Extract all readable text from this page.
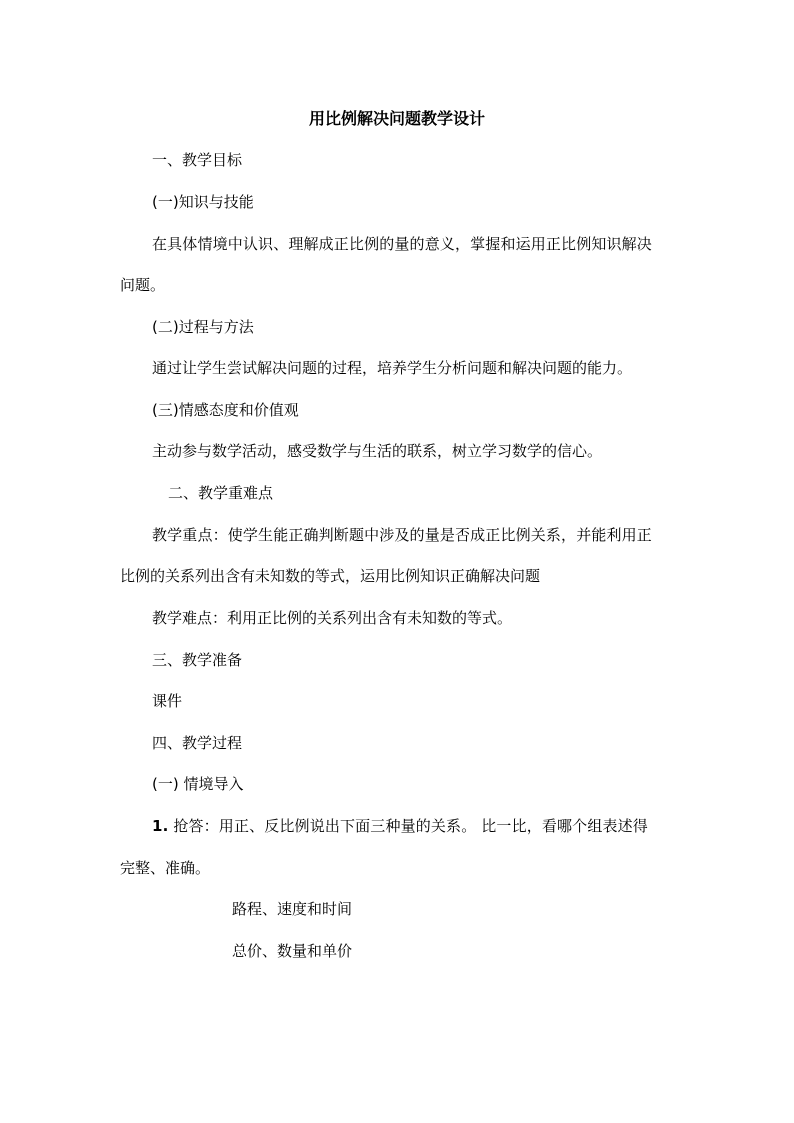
用比例解决问题教学设计
一、教学目标
(一)知识与技能
在具体情境中认识、理解成正比例的量的意义，掌握和运用正比例知识解决
问题。
(二)过程与方法
通过让学生尝试解决问题的过程，培养学生分析问题和解决问题的能力。
(三)情感态度和价值观
主动参与数学活动，感受数学与生活的联系，树立学习数学的信心。
二、教学重难点
教学重点：使学生能正确判断题中涉及的量是否成正比例关系，并能利用正
比例的关系列出含有未知数的等式，运用比例知识正确解决问题
教学难点：利用正比例的关系列出含有未知数的等式。
三、教学准备
课件
四、教学过程
(一) 情境导入
1. 抢答：用正、反比例说出下面三种量的关系。 比一比，看哪个组表述得
完整、准确。
路程、速度和时间
总价、数量和单价
